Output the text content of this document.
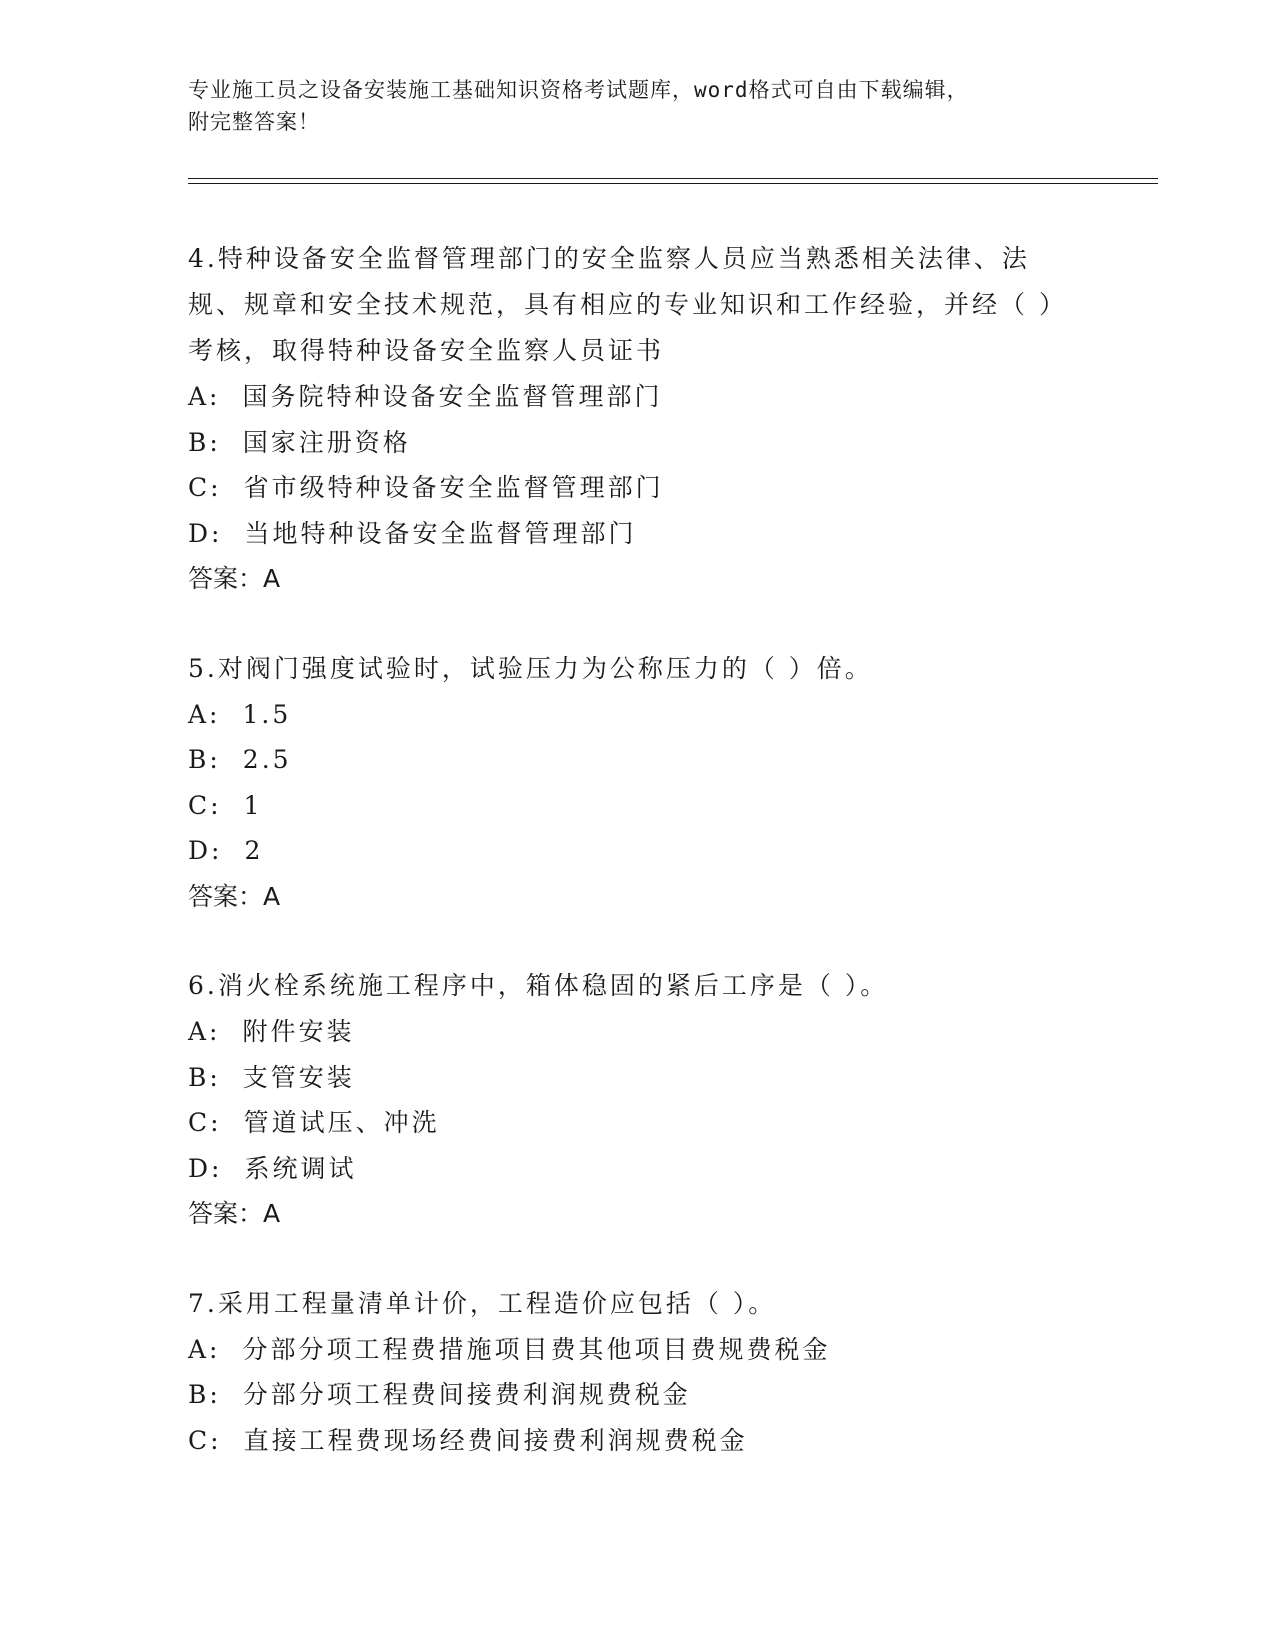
专业施工员之设备安装施工基础知识资格考试题库，word格式可自由下载编辑，
附完整答案！
4.特种设备安全监督管理部门的安全监察人员应当熟悉相关法律、法规、规章和安全技术规范，具有相应的专业知识和工作经验，并经（ ）考核，取得特种设备安全监察人员证书
A: 国务院特种设备安全监督管理部门
B: 国家注册资格
C: 省市级特种设备安全监督管理部门
D: 当地特种设备安全监督管理部门
答案：A
5.对阀门强度试验时，试验压力为公称压力的（ ）倍。
A: 1.5
B: 2.5
C: 1
D: 2
答案：A
6.消火栓系统施工程序中，箱体稳固的紧后工序是（ ）。
A: 附件安装
B: 支管安装
C: 管道试压、冲洗
D: 系统调试
答案：A
7.采用工程量清单计价，工程造价应包括（ ）。
A: 分部分项工程费措施项目费其他项目费规费税金
B: 分部分项工程费间接费利润规费税金
C: 直接工程费现场经费间接费利润规费税金
